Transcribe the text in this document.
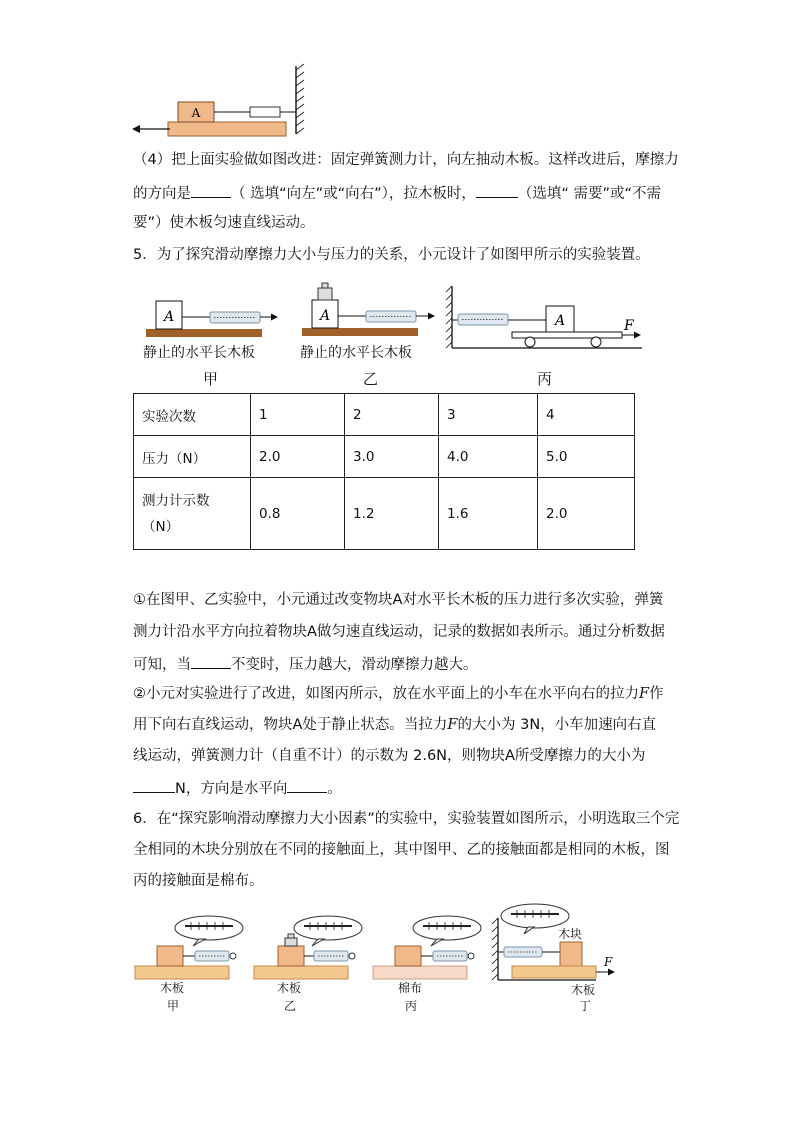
A
（4）把上面实验做如图改进：固定弹簧测力计，向左抽动木板。这样改进后，摩擦力
的方向是	（ 选填“向左”或“向右”），拉木板时，	（选填“ 需要”或“不需
要”）使木板匀速直线运动。
5．为了探究滑动摩擦力大小与压力的关系，小元设计了如图甲所示的实验装置。
A
静止的水平长木板
甲
A
静止的水平长木板
乙
A	F
丙
实验次数	1	2	3	4
压力（N）	2.0	3.0	4.0	5.0

测力计示数
（N）	0.8	1.2	1.6	2.0
①在图甲、乙实验中，小元通过改变物块A对水平长木板的压力进行多次实验，弹簧
测力计沿水平方向拉着物块A做匀速直线运动，记录的数据如表所示。通过分析数据
可知，当	不变时，压力越大，滑动摩擦力越大。
②小元对实验进行了改进，如图丙所示，放在水平面上的小车在水平向右的拉力F作
用下向右直线运动，物块A处于静止状态。当拉力F的大小为 3N，小车加速向右直
线运动，弹簧测力计（自重不计）的示数为 2.6N，则物块A所受摩擦力的大小为
N，方向是水平向	。
6．在“探究影响滑动摩擦力大小因素”的实验中，实验装置如图所示，小明选取三个完
全相同的木块分别放在不同的接触面上，其中图甲、乙的接触面都是相同的木板，图
丙的接触面是棉布。
木板
甲
木板
乙
棉布
丙
F
木块
木板
丁
